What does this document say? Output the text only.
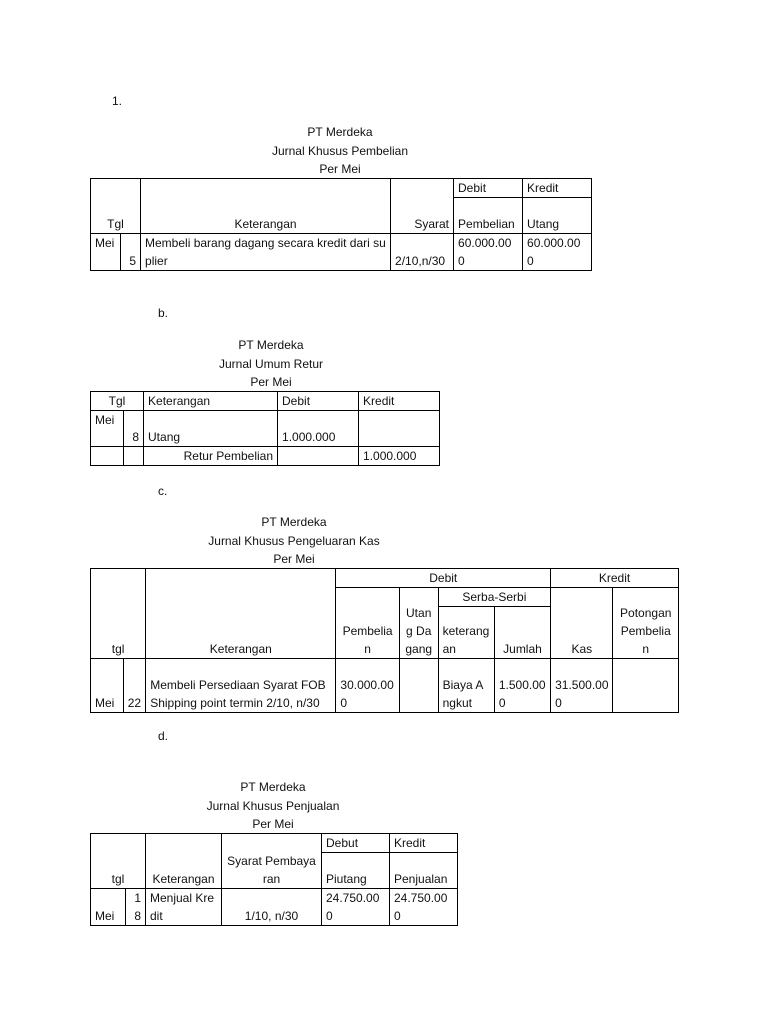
1.
PT Merdeka
Jurnal Khusus Pembelian
Per Mei
Tgl		Keterangan	Syarat	Debit	Kredit
				Pembelian	Utang

Mei	5	Membeli barang dagang secara kredit dari suplier	2/10,n/30	60.000.000	60.000.000
b.
PT Merdeka
Jurnal Umum Retur
Per Mei
Tgl		Keterangan	Debit	Kredit
Mei	8	Utang	1.000.000	
		Retur Pembelian		1.000.000
c.
PT Merdeka
Jurnal Khusus Pengeluaran Kas
Per Mei
tgl		Keterangan	Debit				Kredit	
			Pembelian	Utang Dagang	Serba-Serbi		Kas	Potongan Pembelian
					keterangan	Jumlah		

Mei	22	Membeli Persediaan Syarat FOB Shipping point termin 2/10, n/30	30.000.000		Biaya Angkut	1.500.000	31.500.000	
d.
PT Merdeka
Jurnal Khusus Penjualan
Per Mei
tgl		Keterangan	Syarat Pembayaran	Debut	Kredit
				Piutang	Penjualan

Mei	18	Menjual Kredit	1/10, n/30	24.750.000	24.750.000
